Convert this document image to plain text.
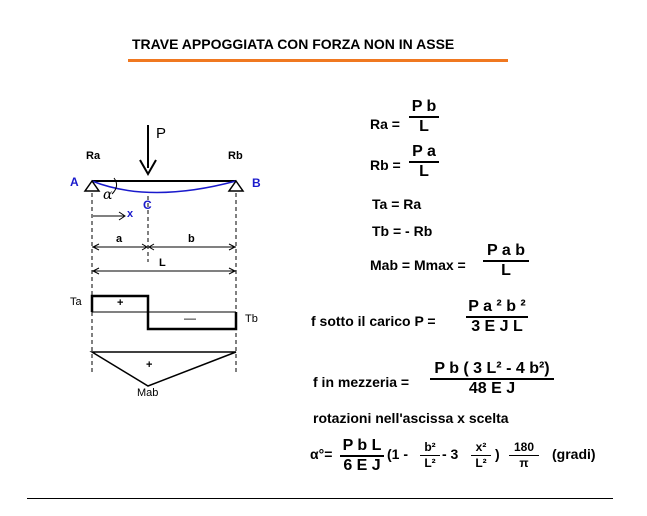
TRAVE APPOGGIATA CON FORZA NON IN ASSE
P
Ra	Rb
A	B
C
α
x
a	b
L
Ta
Tb
+
—
+
Mab
Ra =
P b
L
Rb =
P a
L
Ta = Ra
Tb = - Rb
Mab = Mmax =
P a b
L
f sotto il carico P =
P a ² b ²
3 E J L
f in mezzeria =
P b ( 3 L² - 4 b²)
48 E J
rotazioni nell'ascissa x scelta
α°= P b L
6 E J
(1 - b²
L²
- 3 x²
L²
) 180
π
(gradi)
